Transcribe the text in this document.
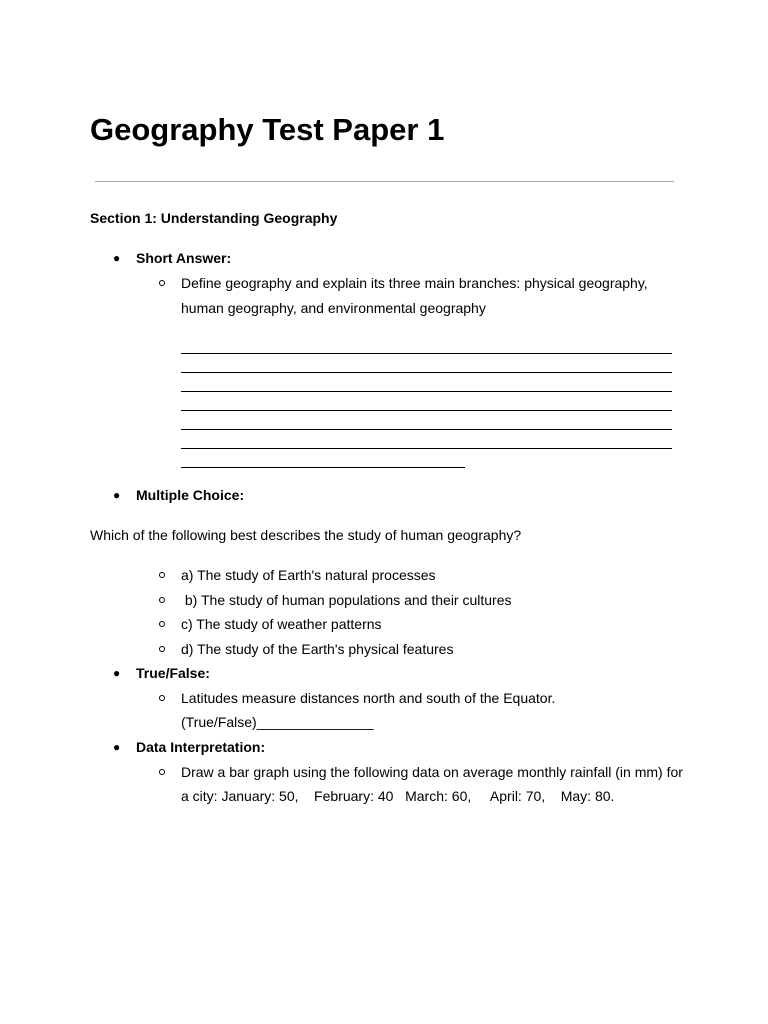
Geography Test Paper 1
Section 1: Understanding Geography
● Short Answer:
Define geography and explain its three main branches: physical geography,
human geography, and environmental geography
● Multiple Choice:
Which of the following best describes the study of human geography?
a) The study of Earth's natural processes
b) The study of human populations and their cultures
c) The study of weather patterns
d) The study of the Earth's physical features
● True/False:
Latitudes measure distances north and south of the Equator.
(True/False)_______________
● Data Interpretation:
Draw a bar graph using the following data on average monthly rainfall (in mm) for
a city: January: 50,    February: 40   March: 60,     April: 70,    May: 80.
